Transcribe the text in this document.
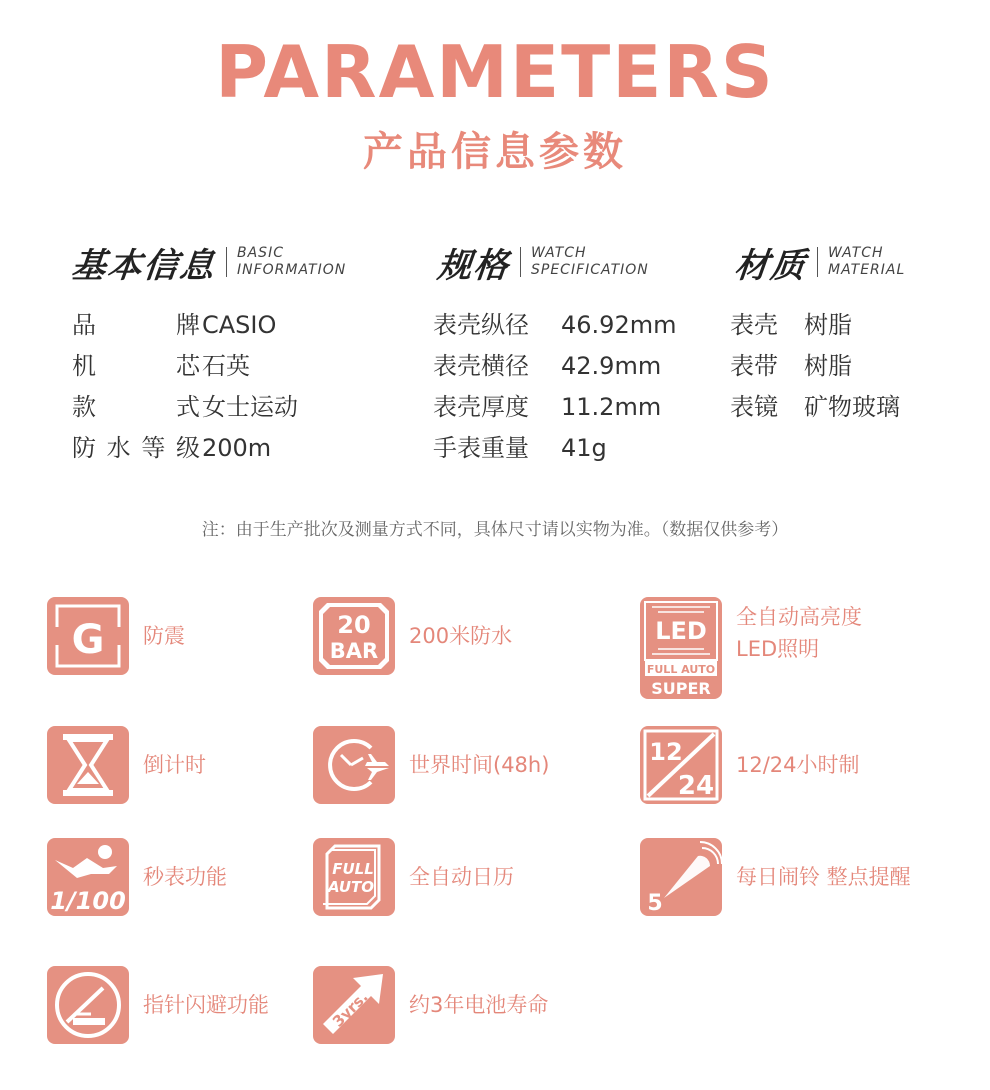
PARAMETERS
产品信息参数
基本信息 BASIC
INFORMATION	规格 WATCH
SPECIFICATION 材质 WATCH
MATERIAL
品　　牌CASIO
机　　芯石英
款　　式女士运动
防水等级200m
表壳纵径 46.92mm
表壳横径 42.9mm
表壳厚度 11.2mm
手表重量 41g
表壳 树脂
表带 树脂
表镜 矿物玻璃
注：由于生产批次及测量方式不同，具体尺寸请以实物为准。（数据仅供参考）
G 防震	20
BAR
200米防水	LED
FULL AUTO
SUPER
全自动高亮度
LED照明
倒计时	世界时间(48h)	12
24
12/24小时制
1/100
秒表功能	FULL
AUTO 全自动日历
5
每日闹铃 整点提醒
指针闪避功能	3yrs. 约3年电池寿命
